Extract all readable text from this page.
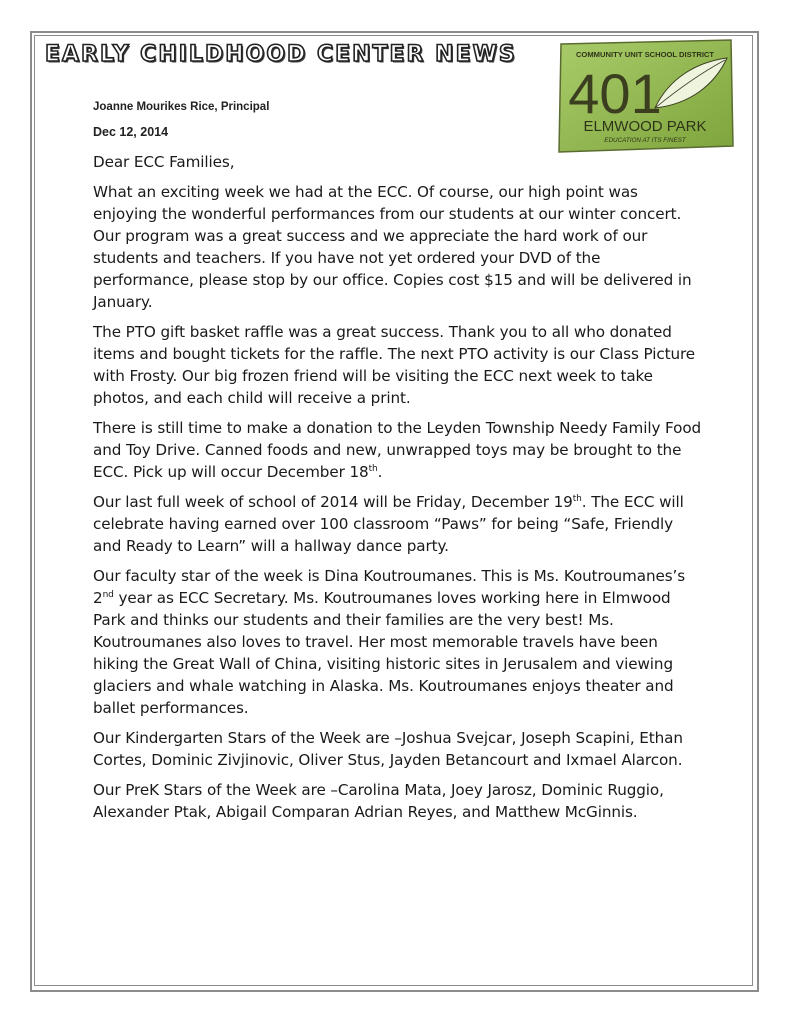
EARLY CHILDHOOD CENTER NEWS
Joanne Mourikes Rice, Principal
Dec 12, 2014
COMMUNITY UNIT SCHOOL DISTRICT
401
ELMWOOD PARK
EDUCATION AT ITS FINEST

Dear ECC Families,

What an exciting week we had at the ECC. Of course, our high point was enjoying the wonderful performances from our students at our winter concert. Our program was a great success and we appreciate the hard work of our students and teachers. If you have not yet ordered your DVD of the performance, please stop by our office. Copies cost $15 and will be delivered in January.

The PTO gift basket raffle was a great success. Thank you to all who donated items and bought tickets for the raffle. The next PTO activity is our Class Picture with Frosty. Our big frozen friend will be visiting the ECC next week to take photos, and each child will receive a print.

There is still time to make a donation to the Leyden Township Needy Family Food and Toy Drive. Canned foods and new, unwrapped toys may be brought to the ECC. Pick up will occur December 18th.

Our last full week of school of 2014 will be Friday, December 19th. The ECC will celebrate having earned over 100 classroom “Paws” for being “Safe, Friendly and Ready to Learn” will a hallway dance party.

Our faculty star of the week is Dina Koutroumanes. This is Ms. Koutroumanes’s 2nd year as ECC Secretary. Ms. Koutroumanes loves working here in Elmwood Park and thinks our students and their families are the very best! Ms. Koutroumanes also loves to travel. Her most memorable travels have been hiking the Great Wall of China, visiting historic sites in Jerusalem and viewing glaciers and whale watching in Alaska. Ms. Koutroumanes enjoys theater and ballet performances.

Our Kindergarten Stars of the Week are –Joshua Svejcar, Joseph Scapini, Ethan Cortes, Dominic Zivjinovic, Oliver Stus, Jayden Betancourt and Ixmael Alarcon.

Our PreK Stars of the Week are –Carolina Mata, Joey Jarosz, Dominic Ruggio, Alexander Ptak, Abigail Comparan Adrian Reyes, and Matthew McGinnis.
